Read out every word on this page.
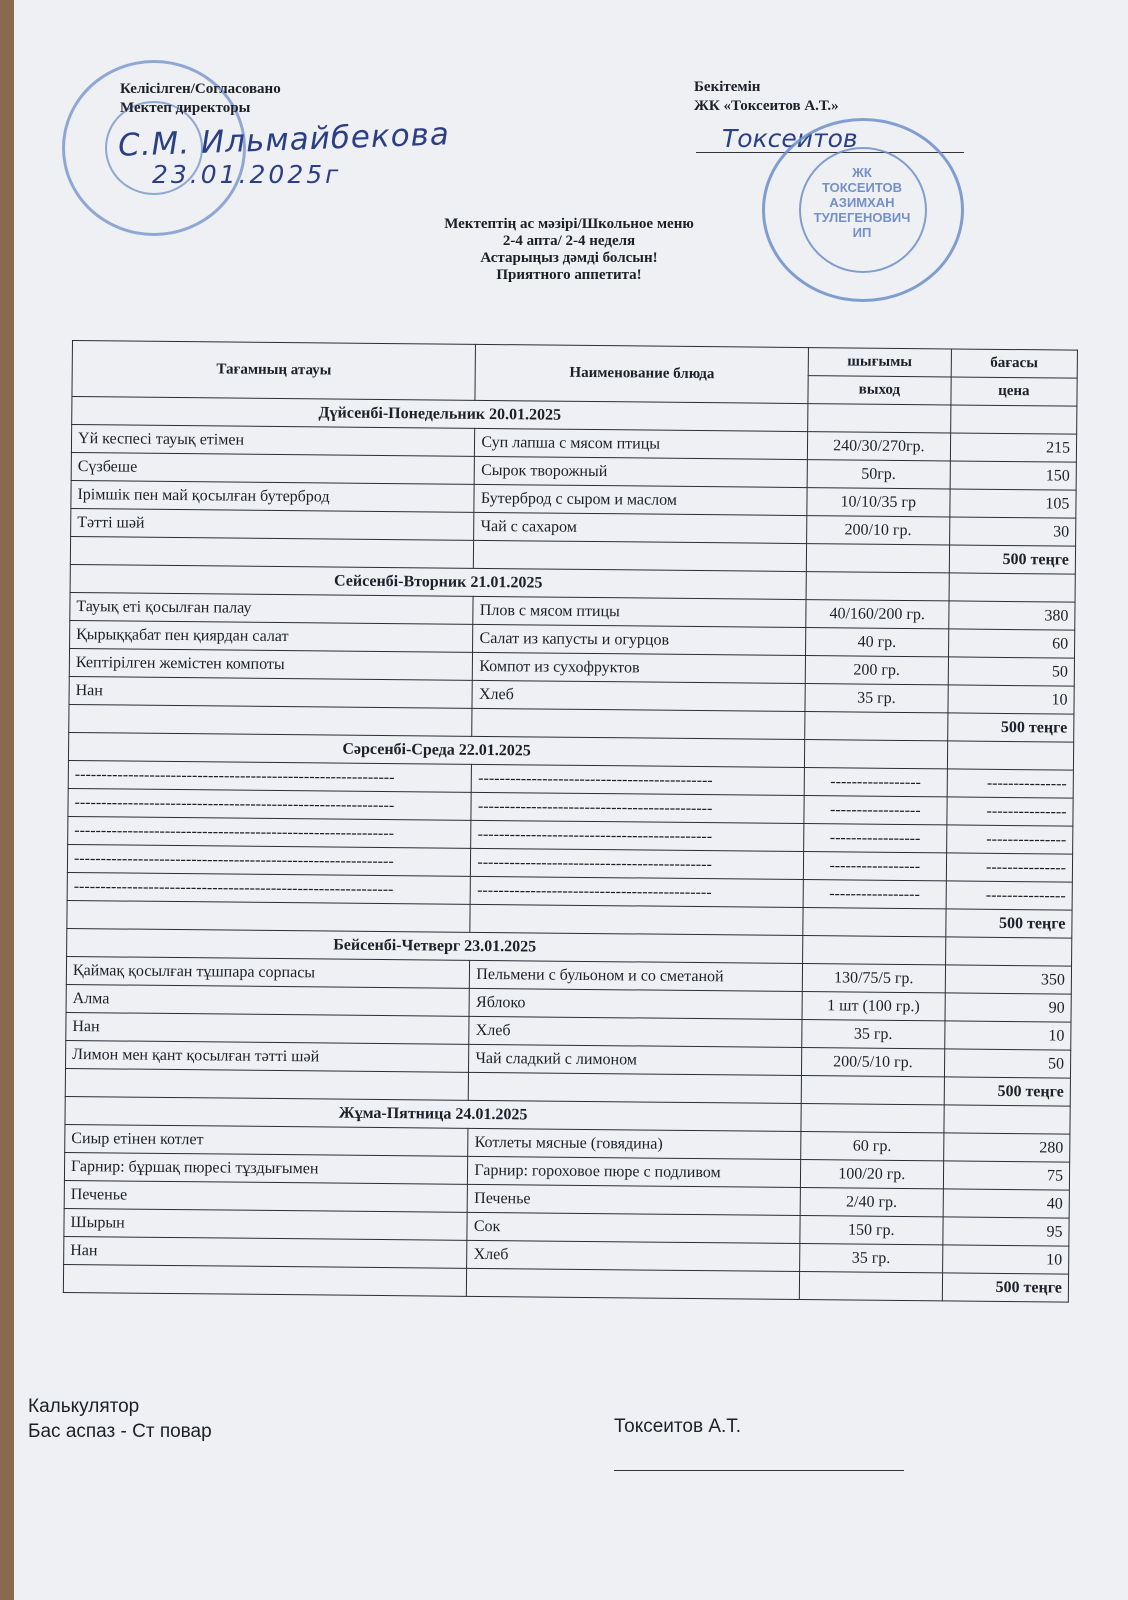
Келісілген/Согласовано
Мектеп директоры
Бекітемін
ЖК «Токсеитов А.Т.»
С.М. Ильмайбекова
23.01.2025г
Токсеитов
ЖК
ТОКСЕИТОВ
АЗИМХАН
ТУЛЕГЕНОВИЧ
ИП
Мектептің ас мәзірі/Школьное меню
2-4 апта/ 2-4 неделя
Астарыңыз дәмді болсын!
Приятного аппетита!
Тағамның атауы	Наименование блюда	шығымы	бағасы
		выход	цена
Дүйсенбі-Понедельник 20.01.2025			
Үй кеспесі тауық етімен	Суп лапша с мясом птицы	240/30/270гр.	215
Сүзбеше	Сырок творожный	50гр.	150
Ірімшік пен май қосылған бутерброд	Бутерброд с сыром и маслом	10/10/35 гр	105
Тәтті шәй	Чай с сахаром	200/10 гр.	30
			500 теңге
Сейсенбі-Вторник 21.01.2025			
Тауық еті қосылған палау	Плов с мясом птицы	40/160/200 гр.	380
Қырыққабат пен қиярдан салат	Салат из капусты и огурцов	40 гр.	60
Кептірілген жемістен компоты	Компот из сухофруктов	200 гр.	50
Нан	Хлеб	35 гр.	10
			500 теңге
Сәрсенбі-Среда 22.01.2025			
------------------------------------------------------------	--------------------------------------------	-----------------	---------------
------------------------------------------------------------	--------------------------------------------	-----------------	---------------
------------------------------------------------------------	--------------------------------------------	-----------------	---------------
------------------------------------------------------------	--------------------------------------------	-----------------	---------------
------------------------------------------------------------	--------------------------------------------	-----------------	---------------
			500 теңге
Бейсенбі-Четверг 23.01.2025			
Қаймақ қосылған тұшпара сорпасы	Пельмени с бульоном и со сметаной	130/75/5 гр.	350
Алма	Яблоко	1 шт (100 гр.)	90
Нан	Хлеб	35 гр.	10
Лимон мен қант қосылған тәтті шәй	Чай сладкий с лимоном	200/5/10 гр.	50
			500 теңге
Жұма-Пятница 24.01.2025			
Сиыр етінен котлет	Котлеты мясные (говядина)	60 гр.	280
Гарнир: бұршақ пюресі тұздығымен	Гарнир: гороховое пюре с подливом	100/20 гр.	75
Печенье	Печенье	2/40 гр.	40
Шырын	Сок	150 гр.	95
Нан	Хлеб	35 гр.	10
			500 теңге
Калькулятор
Бас аспаз - Ст повар	Токсеитов А.Т.
